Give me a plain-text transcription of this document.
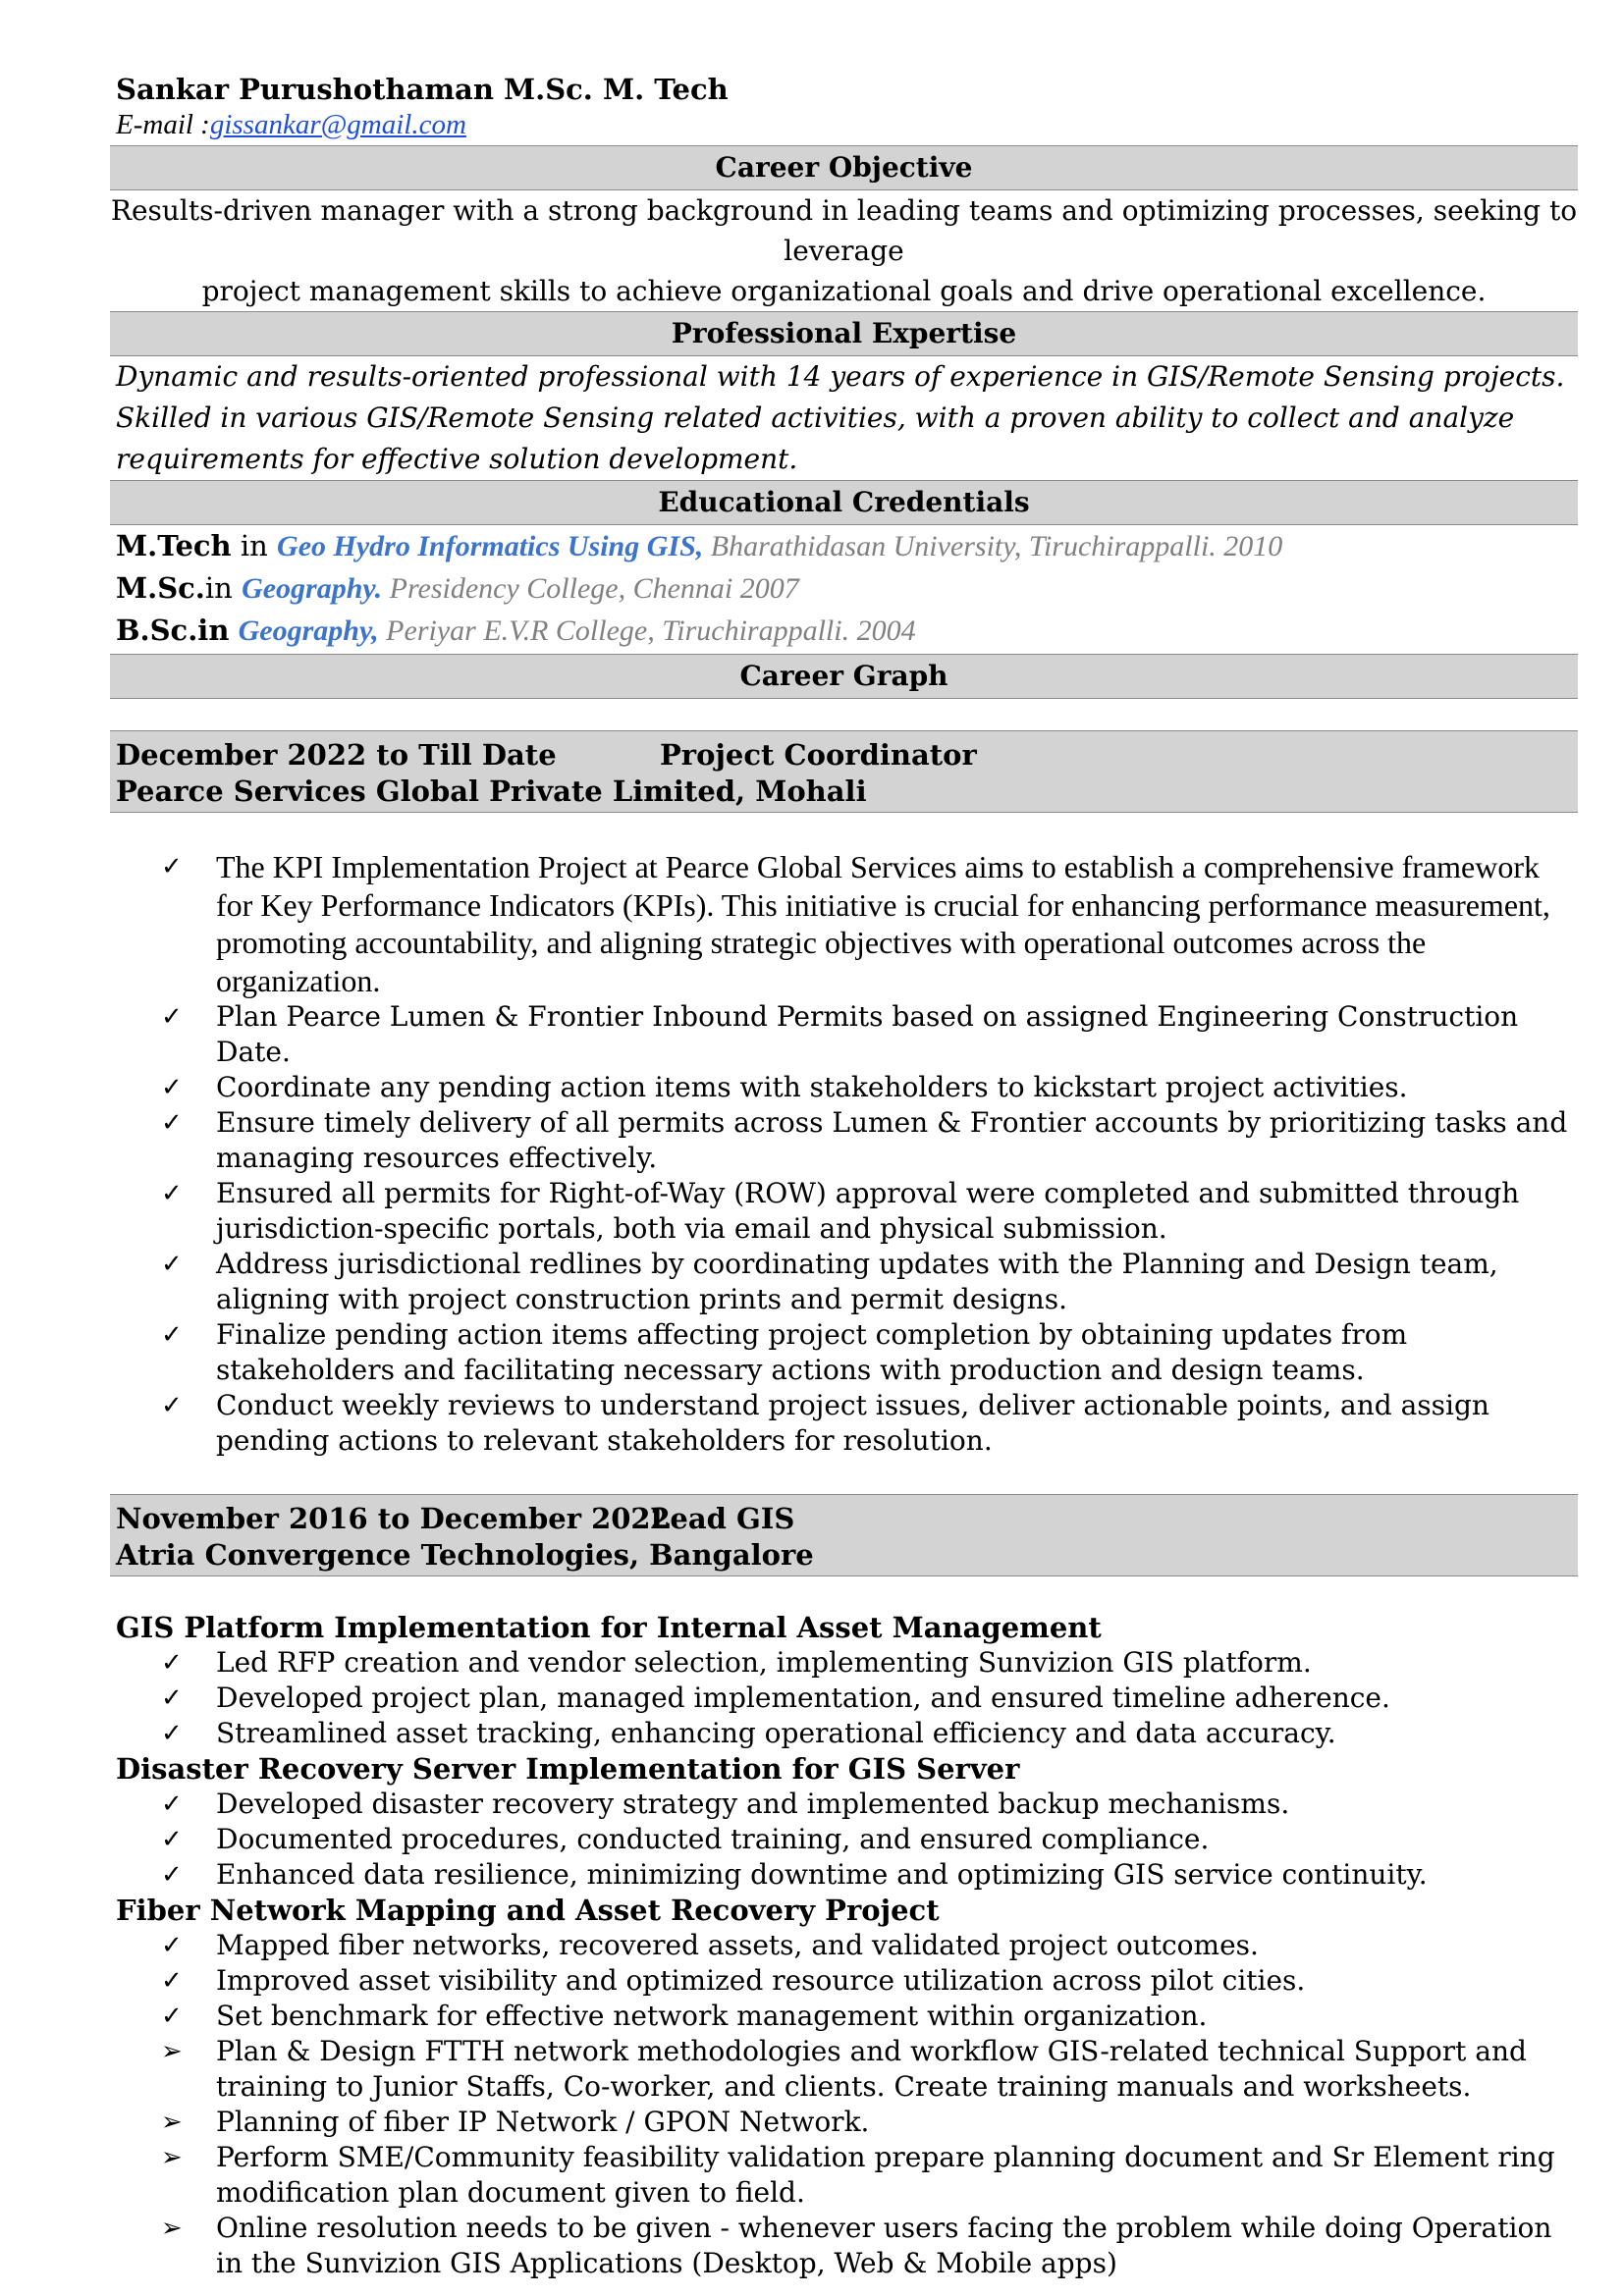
Sankar Purushothaman M.Sc. M. Tech
E-mail :gissankar@gmail.com
Career Objective
Results-driven manager with a strong background in leading teams and optimizing processes, seeking to leverage
project management skills to achieve organizational goals and drive operational excellence.
Professional Expertise
Dynamic and results-oriented professional with 14 years of experience in GIS/Remote Sensing projects. Skilled in various GIS/Remote Sensing related activities, with a proven ability to collect and analyze requirements for effective solution development.
Educational Credentials
M.Tech in Geo Hydro Informatics Using GIS, Bharathidasan University, Tiruchirappalli. 2010
M.Sc.in Geography. Presidency College, Chennai 2007
B.Sc.in Geography, Periyar E.V.R College, Tiruchirappalli. 2004
Career Graph
December 2022 to Till Date	Project Coordinator
Pearce Services Global Private Limited, Mohali
✓ The KPI Implementation Project at Pearce Global Services aims to establish a comprehensive framework for Key Performance Indicators (KPIs). This initiative is crucial for enhancing performance measurement, promoting accountability, and aligning strategic objectives with operational outcomes across the organization.
✓ Plan Pearce Lumen & Frontier Inbound Permits based on assigned Engineering Construction Date.
✓ Coordinate any pending action items with stakeholders to kickstart project activities.
✓ Ensure timely delivery of all permits across Lumen & Frontier accounts by prioritizing tasks and managing resources effectively.
✓ Ensured all permits for Right-of-Way (ROW) approval were completed and submitted through jurisdiction-specific portals, both via email and physical submission.
✓ Address jurisdictional redlines by coordinating updates with the Planning and Design team, aligning with project construction prints and permit designs.
✓ Finalize pending action items affecting project completion by obtaining updates from stakeholders and facilitating necessary actions with production and design teams.
✓ Conduct weekly reviews to understand project issues, deliver actionable points, and assign pending actions to relevant stakeholders for resolution.
November 2016 to December 2022
Lead GIS
Atria Convergence Technologies, Bangalore
GIS Platform Implementation for Internal Asset Management
✓ Led RFP creation and vendor selection, implementing Sunvizion GIS platform.
✓ Developed project plan, managed implementation, and ensured timeline adherence.
✓ Streamlined asset tracking, enhancing operational efficiency and data accuracy.
Disaster Recovery Server Implementation for GIS Server
✓ Developed disaster recovery strategy and implemented backup mechanisms.
✓ Documented procedures, conducted training, and ensured compliance.
✓ Enhanced data resilience, minimizing downtime and optimizing GIS service continuity.
Fiber Network Mapping and Asset Recovery Project
✓ Mapped fiber networks, recovered assets, and validated project outcomes.
✓ Improved asset visibility and optimized resource utilization across pilot cities.
✓ Set benchmark for effective network management within organization.
➢ Plan & Design FTTH network methodologies and workflow GIS-related technical Support and training to Junior Staffs, Co-worker, and clients. Create training manuals and worksheets.
➢ Planning of fiber IP Network / GPON Network.
➢ Perform SME/Community feasibility validation prepare planning document and Sr Element ring modification plan document given to field.
➢ Online resolution needs to be given - whenever users facing the problem while doing Operation in the Sunvizion GIS Applications (Desktop, Web & Mobile apps)
